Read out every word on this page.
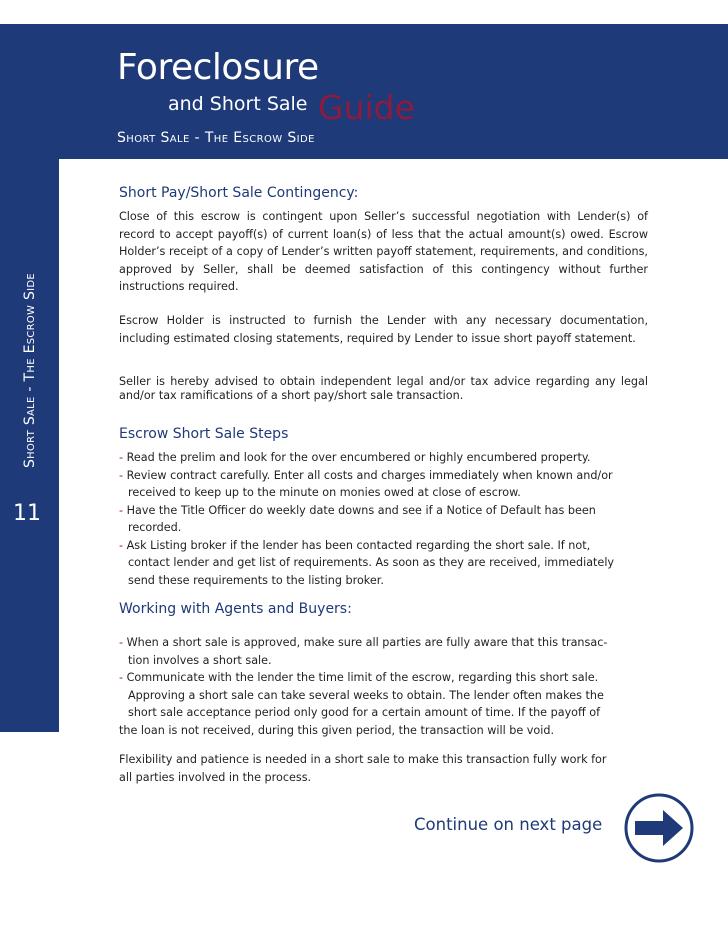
Foreclosure
and Short Sale Guide
Short Sale - The Escrow Side
Short Sale - The Escrow Side
11
Short Pay/Short Sale Contingency:

Close of this escrow is contingent upon Seller’s successful negotiation with Lender(s) of record to accept payoff(s) of current loan(s) of less that the actual amount(s) owed. Escrow Holder’s receipt of a copy of Lender’s written payoff statement, requirements, and conditions, approved by Seller, shall be deemed satisfaction of this contingency without further instructions required.

Escrow Holder is instructed to furnish the Lender with any necessary documentation, including estimated closing statements, required by Lender to issue short payoff statement.

Seller is hereby advised to obtain independent legal and/or tax advice regarding any legal and/or tax ramifications of a short pay/short sale transaction.

Escrow Short Sale Steps

- Read the prelim and look for the over encumbered or highly encumbered property.

- Review contract carefully. Enter all costs and charges immediately when known and/or

received to keep up to the minute on monies owed at close of escrow.

- Have the Title Officer do weekly date downs and see if a Notice of Default has been

recorded.

- Ask Listing broker if the lender has been contacted regarding the short sale. If not,

contact lender and get list of requirements. As soon as they are received, immediately

send these requirements to the listing broker.

Working with Agents and Buyers:

- When a short sale is approved, make sure all parties are fully aware that this transac-

tion involves a short sale.

- Communicate with the lender the time limit of the escrow, regarding this short sale.

Approving a short sale can take several weeks to obtain. The lender often makes the

short sale acceptance period only good for a certain amount of time. If the payoff of

the loan is not received, during this given period, the transaction will be void.

Flexibility and patience is needed in a short sale to make this transaction fully work for

all parties involved in the process.

Continue on next page
